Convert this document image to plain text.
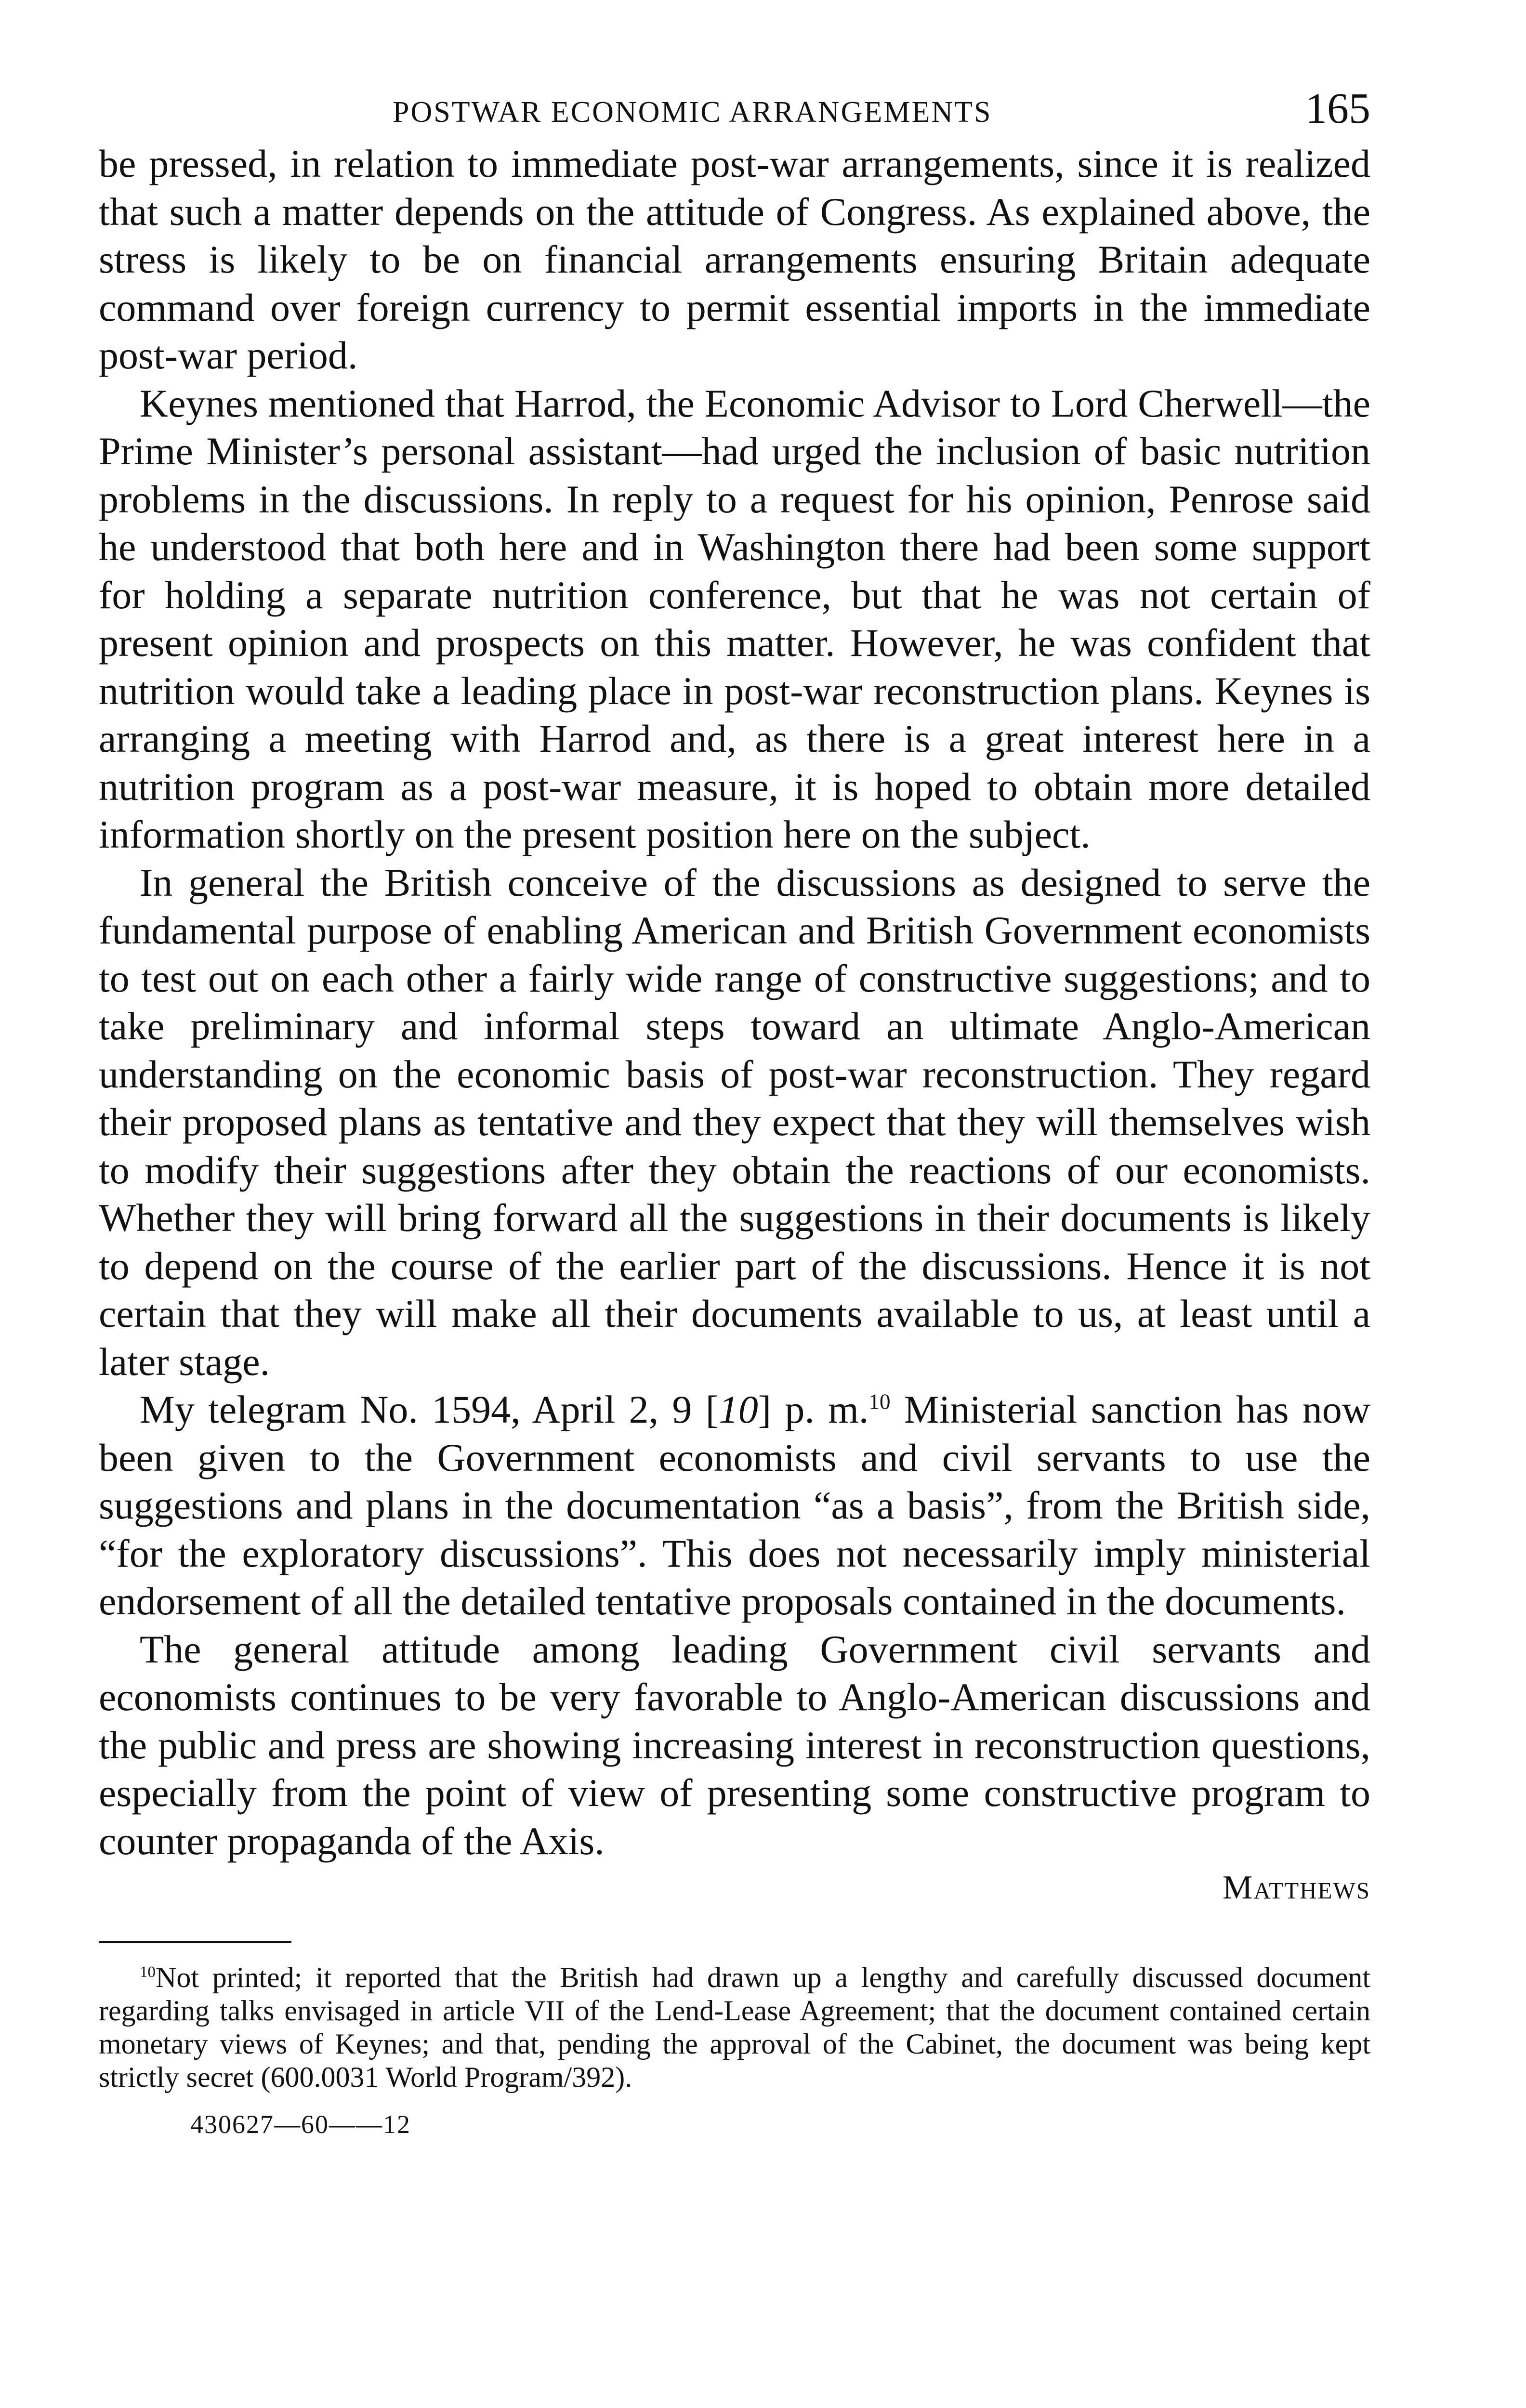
POSTWAR ECONOMIC ARRANGEMENTS	165

be pressed, in relation to immediate post-war arrangements, since it is realized that such a matter depends on the attitude of Congress. As explained above, the stress is likely to be on financial arrangements ensuring Britain adequate command over foreign currency to permit essential imports in the immediate post-war period.

Keynes mentioned that Harrod, the Economic Advisor to Lord Cherwell—the Prime Minister’s personal assistant—had urged the inclusion of basic nutrition problems in the discussions. In reply to a request for his opinion, Penrose said he understood that both here and in Washington there had been some support for holding a separate nutrition conference, but that he was not certain of present opinion and prospects on this matter. However, he was confident that nutrition would take a leading place in post-war reconstruction plans. Keynes is arranging a meeting with Harrod and, as there is a great interest here in a nutrition program as a post-war measure, it is hoped to obtain more detailed information shortly on the present position here on the subject.

In general the British conceive of the discussions as designed to serve the fundamental purpose of enabling American and British Government economists to test out on each other a fairly wide range of constructive suggestions; and to take preliminary and informal steps toward an ultimate Anglo-American understanding on the economic basis of post-war reconstruction. They regard their proposed plans as tentative and they expect that they will themselves wish to modify their suggestions after they obtain the reactions of our economists. Whether they will bring forward all the suggestions in their documents is likely to depend on the course of the earlier part of the discussions. Hence it is not certain that they will make all their documents available to us, at least until a later stage.

My telegram No. 1594, April 2, 9 [10] p. m.$^{10}$ Ministerial sanction has now been given to the Government economists and civil servants to use the suggestions and plans in the documentation “as a basis”, from the British side, “for the exploratory discussions”. This does not necessarily imply ministerial endorsement of all the detailed tentative proposals contained in the documents.

The general attitude among leading Government civil servants and economists continues to be very favorable to Anglo-American discussions and the public and press are showing increasing interest in reconstruction questions, especially from the point of view of presenting some constructive program to counter propaganda of the Axis.

Matthews

$^{10}$Not printed; it reported that the British had drawn up a lengthy and carefully discussed document regarding talks envisaged in article VII of the Lend-Lease Agreement; that the document contained certain monetary views of Keynes; and that, pending the approval of the Cabinet, the document was being kept strictly secret (600.0031 World Program/392).

430627—60——12
